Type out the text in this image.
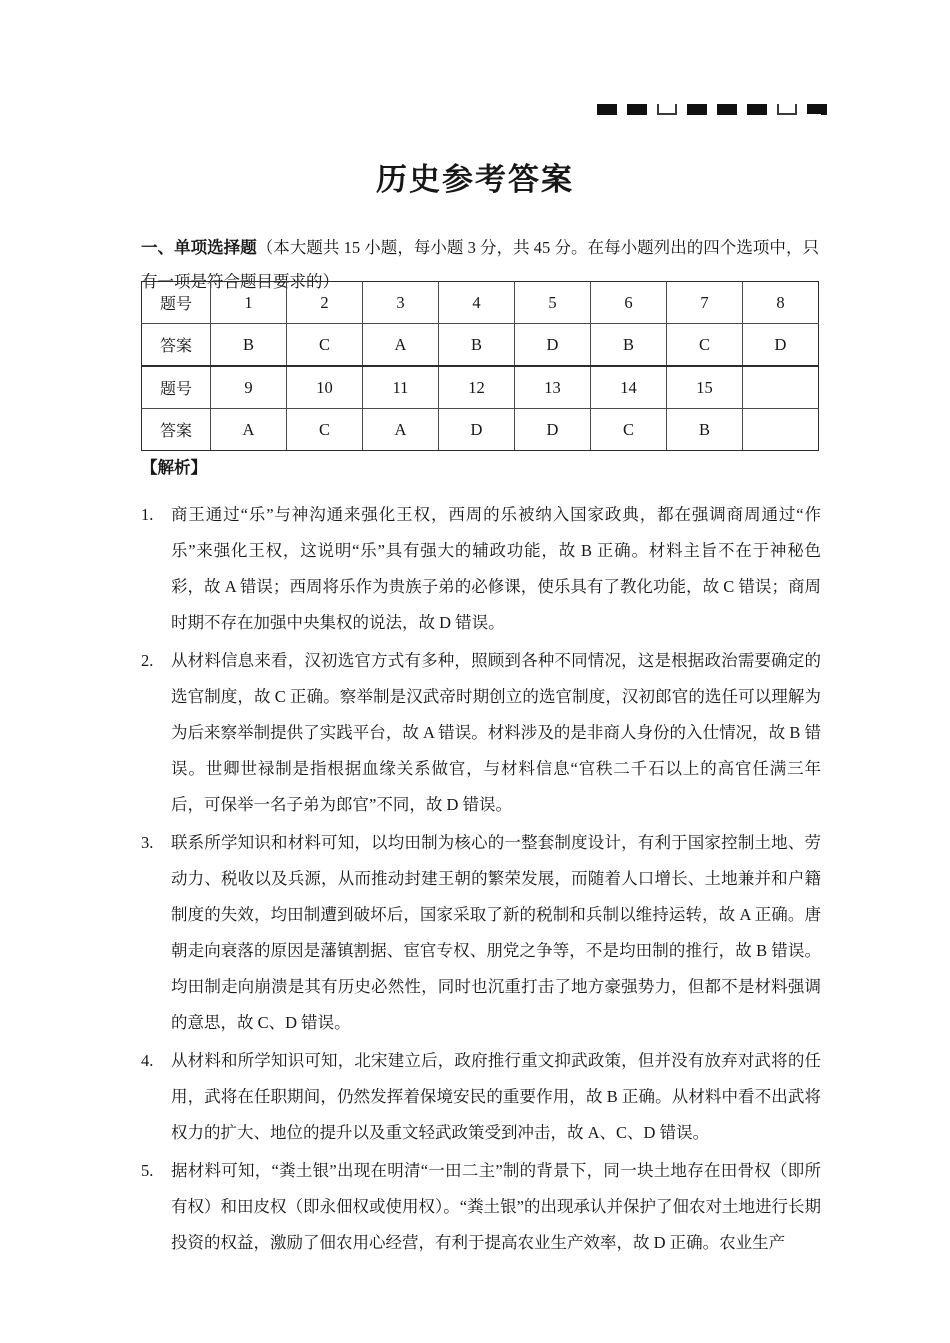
历史参考答案

一、单项选择题（本大题共 15 小题，每小题 3 分，共 45 分。在每小题列出的四个选项中，只有一项是符合题目要求的）

题号	1	2	3	4	5	6	7	8
答案	B	C	A	B	D	B	C	D
题号	9	10	11	12	13	14	15	
答案	A	C	A	D	D	C	B	
【解析】
1.	商王通过“乐”与神沟通来强化王权，西周的乐被纳入国家政典，都在强调商周通过“作乐”来强化王权，这说明“乐”具有强大的辅政功能，故 B 正确。材料主旨不在于神秘色彩，故 A 错误；西周将乐作为贵族子弟的必修课，使乐具有了教化功能，故 C 错误；商周时期不存在加强中央集权的说法，故 D 错误。
2.	从材料信息来看，汉初选官方式有多种，照顾到各种不同情况，这是根据政治需要确定的选官制度，故 C 正确。察举制是汉武帝时期创立的选官制度，汉初郎官的选任可以理解为为后来察举制提供了实践平台，故 A 错误。材料涉及的是非商人身份的入仕情况，故 B 错误。世卿世禄制是指根据血缘关系做官，与材料信息“官秩二千石以上的高官任满三年后，可保举一名子弟为郎官”不同，故 D 错误。
3.	联系所学知识和材料可知，以均田制为核心的一整套制度设计，有利于国家控制土地、劳动力、税收以及兵源，从而推动封建王朝的繁荣发展，而随着人口增长、土地兼并和户籍制度的失效，均田制遭到破坏后，国家采取了新的税制和兵制以维持运转，故 A 正确。唐朝走向衰落的原因是藩镇割据、宦官专权、朋党之争等，不是均田制的推行，故 B 错误。均田制走向崩溃是其有历史必然性，同时也沉重打击了地方豪强势力，但都不是材料强调的意思，故 C、D 错误。
4.	从材料和所学知识可知，北宋建立后，政府推行重文抑武政策，但并没有放弃对武将的任用，武将在任职期间，仍然发挥着保境安民的重要作用，故 B 正确。从材料中看不出武将权力的扩大、地位的提升以及重文轻武政策受到冲击，故 A、C、D 错误。
5.	据材料可知，“粪土银”出现在明清“一田二主”制的背景下，同一块土地存在田骨权（即所有权）和田皮权（即永佃权或使用权）。“粪土银”的出现承认并保护了佃农对土地进行长期投资的权益，激励了佃农用心经营，有利于提高农业生产效率，故 D 正确。农业生产
